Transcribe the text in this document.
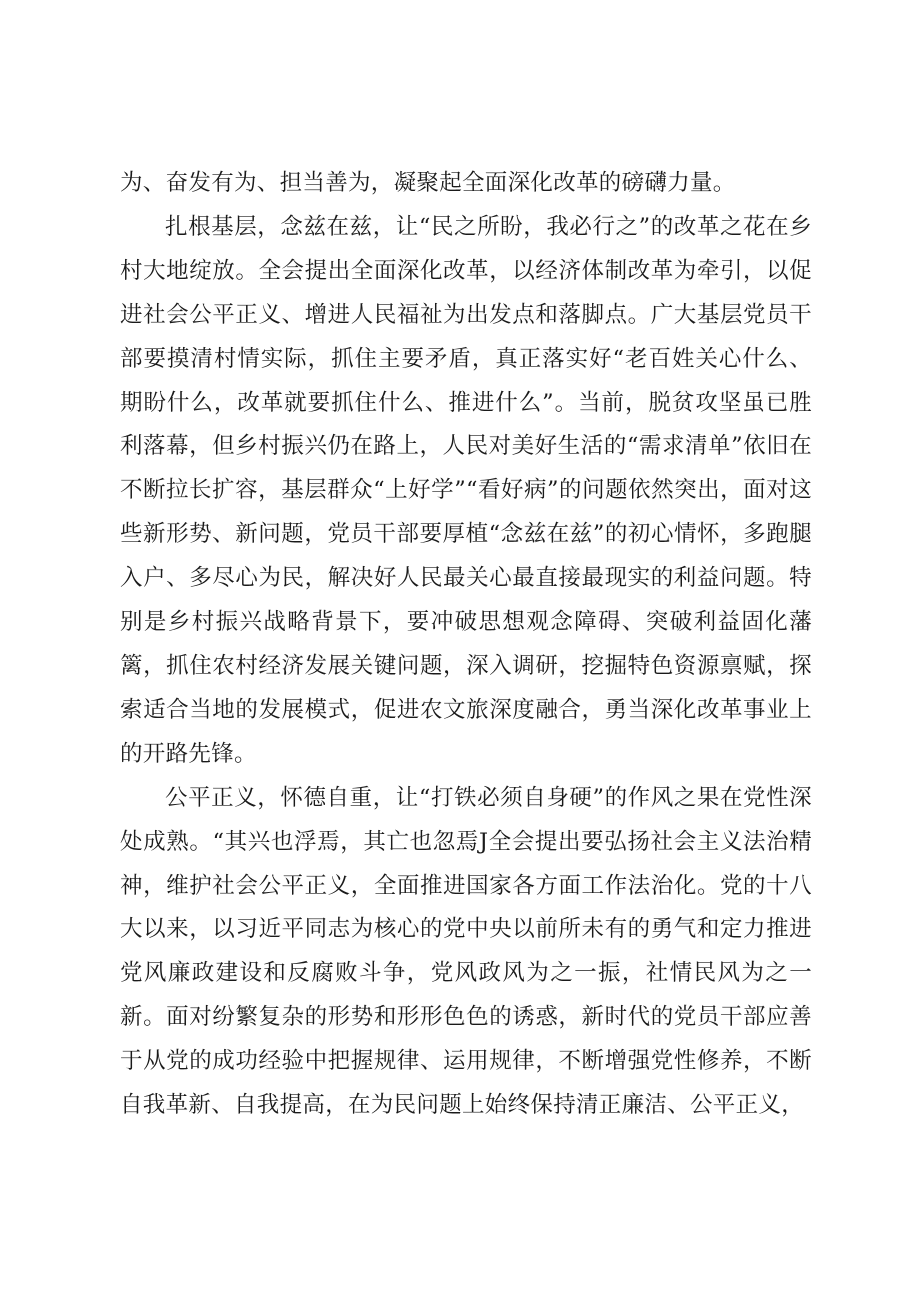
为、奋发有为、担当善为，凝聚起全面深化改革的磅礴力量。

扎根基层，念兹在兹，让“民之所盼，我必行之”的改革之花在乡村大地绽放。全会提出全面深化改革，以经济体制改革为牵引，以促进社会公平正义、增进人民福祉为出发点和落脚点。广大基层党员干部要摸清村情实际，抓住主要矛盾，真正落实好“老百姓关心什么、期盼什么，改革就要抓住什么、推进什么”。当前，脱贫攻坚虽已胜利落幕，但乡村振兴仍在路上，人民对美好生活的“需求清单”依旧在不断拉长扩容，基层群众“上好学”“看好病”的问题依然突出，面对这些新形势、新问题，党员干部要厚植“念兹在兹”的初心情怀，多跑腿入户、多尽心为民，解决好人民最关心最直接最现实的利益问题。特别是乡村振兴战略背景下，要冲破思想观念障碍、突破利益固化藩篱，抓住农村经济发展关键问题，深入调研，挖掘特色资源禀赋，探索适合当地的发展模式，促进农文旅深度融合，勇当深化改革事业上的开路先锋。

公平正义，怀德自重，让“打铁必须自身硬”的作风之果在党性深处成熟。“其兴也浮焉，其亡也忽焉J全会提出要弘扬社会主义法治精神，维护社会公平正义，全面推进国家各方面工作法治化。党的十八大以来，以习近平同志为核心的党中央以前所未有的勇气和定力推进党风廉政建设和反腐败斗争，党风政风为之一振，社情民风为之一新。面对纷繁复杂的形势和形形色色的诱惑，新时代的党员干部应善于从党的成功经验中把握规律、运用规律，不断增强党性修养，不断自我革新、自我提高，在为民问题上始终保持清正廉洁、公平正义，
